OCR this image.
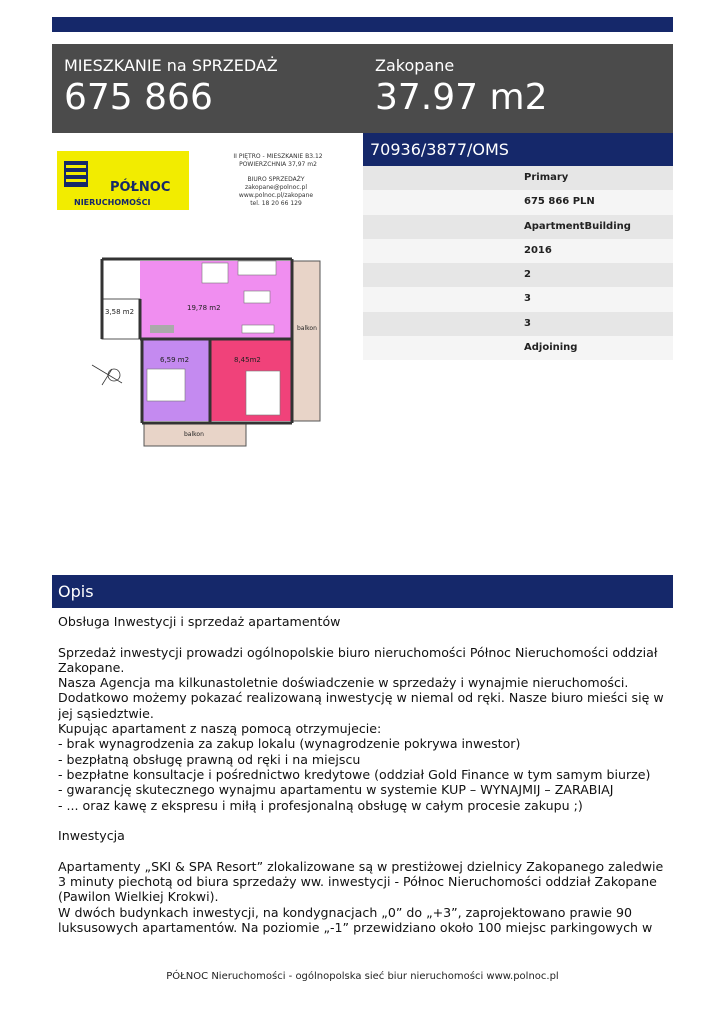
MIESZKANIE na SPRZEDAŻ
675 866
Zakopane
37.97 m2
PÓŁNOC
NIERUCHOMOŚCI
II PIĘTRO - MIESZKANIE B3.12
POWIERZCHNIA 37,97 m2
BIURO SPRZEDAŻY
zakopane@polnoc.pl
www.polnoc.pl/zakopane
tel. 18 20 66 129
19,78 m2
3,58 m2
6,59 m2	8,45m2
balkon
balkon
70936/3877/OMS
Primary
675 866 PLN
ApartmentBuilding
2016
2
3
3
Adjoining
Opis

Obsługa Inwestycji i sprzedaż apartamentów

Sprzedaż inwestycji prowadzi ogólnopolskie biuro nieruchomości Północ Nieruchomości oddział Zakopane.

Nasza Agencja ma kilkunastoletnie doświadczenie w sprzedaży i wynajmie nieruchomości.

Dodatkowo możemy pokazać realizowaną inwestycję w niemal od ręki. Nasze biuro mieści się w jej sąsiedztwie.

Kupując apartament z naszą pomocą otrzymujecie:

- brak wynagrodzenia za zakup lokalu (wynagrodzenie pokrywa inwestor)

- bezpłatną obsługę prawną od ręki i na miejscu

- bezpłatne konsultacje i pośrednictwo kredytowe (oddział Gold Finance w tym samym biurze)

- gwarancję skutecznego wynajmu apartamentu w systemie KUP – WYNAJMIJ – ZARABIAJ

- ... oraz kawę z ekspresu i miłą i profesjonalną obsługę w całym procesie zakupu ;)

Inwestycja

Apartamenty „SKI & SPA Resort” zlokalizowane są w prestiżowej dzielnicy Zakopanego zaledwie 3 minuty piechotą od biura sprzedaży ww. inwestycji - Północ Nieruchomości oddział Zakopane (Pawilon Wielkiej Krokwi).

W dwóch budynkach inwestycji, na kondygnacjach „0” do „+3”, zaprojektowano prawie 90 luksusowych apartamentów. Na poziomie „-1” przewidziano około 100 miejsc parkingowych w

PÓŁNOC Nieruchomości - ogólnopolska sieć biur nieruchomości www.polnoc.pl
